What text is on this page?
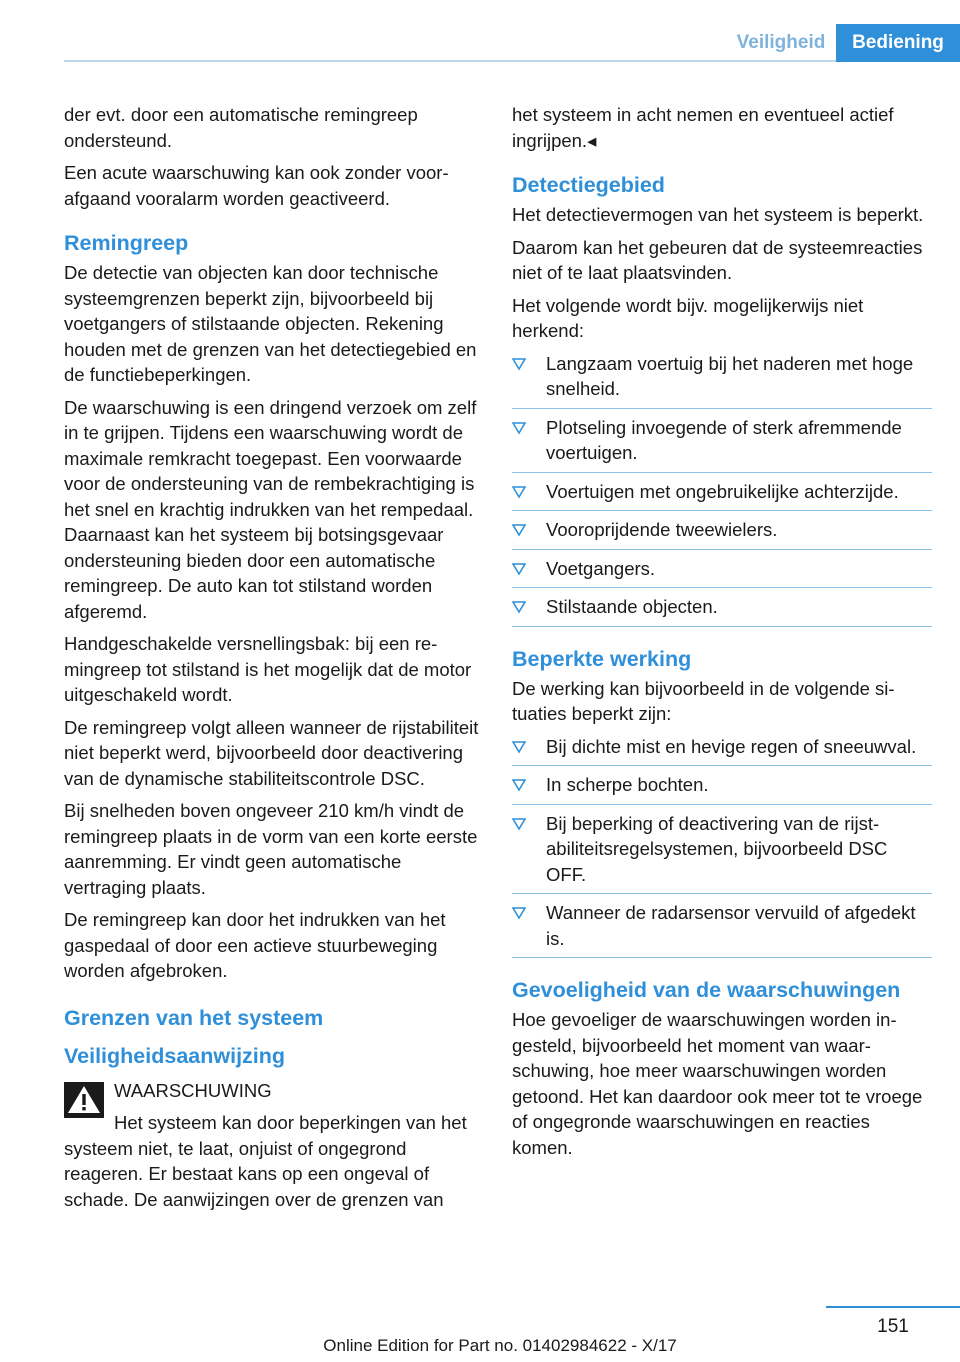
Veiligheid	Bediening

der evt. door een automatische remingreep ondersteund.

Een acute waarschuwing kan ook zonder voorafgaand vooralarm worden geactiveerd.

Remingreep

De detectie van objecten kan door technische systeemgrenzen beperkt zijn, bijvoorbeeld bij voetgangers of stilstaande objecten. Rekening houden met de grenzen van het detectiegebied en de functiebeperkingen.

De waarschuwing is een dringend verzoek om zelf in te grijpen. Tijdens een waarschuwing wordt de maximale remkracht toegepast. Een voorwaarde voor de ondersteuning van de rembekrachtiging is het snel en krachtig indrukken van het rempedaal. Daarnaast kan het systeem bij botsingsgevaar ondersteuning bieden door een automatische remingreep. De auto kan tot stilstand worden afgeremd.

Handgeschakelde versnellingsbak: bij een remingreep tot stilstand is het mogelijk dat de motor uitgeschakeld wordt.

De remingreep volgt alleen wanneer de rijstabiliteit niet beperkt werd, bijvoorbeeld door deactivering van de dynamische stabiliteitscontrole DSC.

Bij snelheden boven ongeveer 210 km/h vindt de remingreep plaats in de vorm van een korte eerste aanremming. Er vindt geen automatische vertraging plaats.

De remingreep kan door het indrukken van het gaspedaal of door een actieve stuurbeweging worden afgebroken.

Grenzen van het systeem
Veiligheidsaanwijzing
WAARSCHUWING
Het systeem kan door beperkingen van het systeem niet, te laat, onjuist of ongegrond reageren. Er bestaat kans op een ongeval of schade. De aanwijzingen over de grenzen van

het systeem in acht nemen en eventueel actief ingrijpen.◂

Detectiegebied

Het detectievermogen van het systeem is beperkt.

Daarom kan het gebeuren dat de systeemreacties niet of te laat plaatsvinden.

Het volgende wordt bijv. mogelijkerwijs niet herkend:

Langzaam voertuig bij het naderen met hoge snelheid.
Plotseling invoegende of sterk afremmende voertuigen.
Voertuigen met ongebruikelijke achterzijde.
Vooroprijdende tweewielers.
Voetgangers.
Stilstaande objecten.
Beperkte werking

De werking kan bijvoorbeeld in de volgende situaties beperkt zijn:

Bij dichte mist en hevige regen of sneeuwval.
In scherpe bochten.
Bij beperking of deactivering van de rijstabiliteitsregelsystemen, bijvoorbeeld DSC OFF.
Wanneer de radarsensor vervuild of afgedekt is.
Gevoeligheid van de waarschuwingen

Hoe gevoeliger de waarschuwingen worden ingesteld, bijvoorbeeld het moment van waarschuwing, hoe meer waarschuwingen worden getoond. Het kan daardoor ook meer tot te vroege of ongegronde waarschuwingen en reacties komen.

151
Online Edition for Part no. 01402984622 - X/17
